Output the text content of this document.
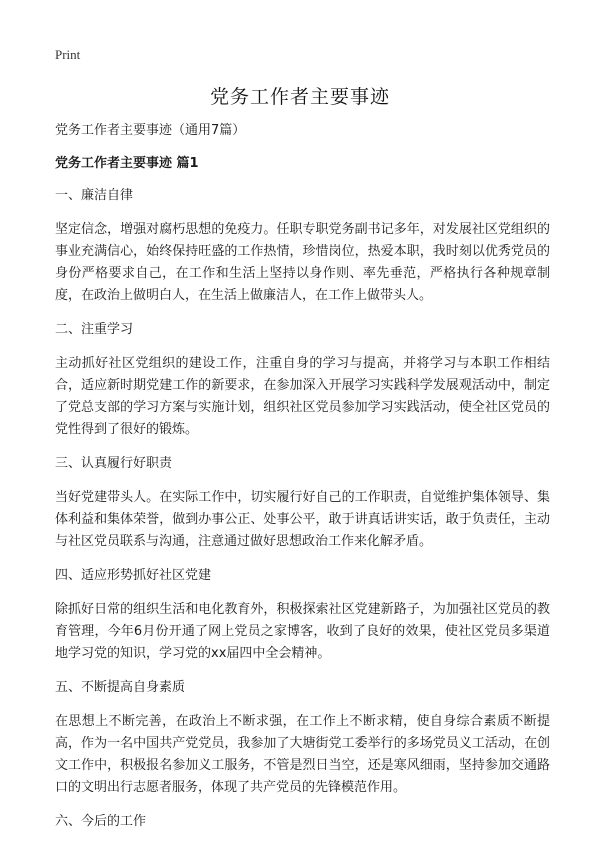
Print
党务工作者主要事迹

党务工作者主要事迹（通用7篇）

党务工作者主要事迹 篇1

一、廉洁自律

坚定信念，增强对腐朽思想的免疫力。任职专职党务副书记多年，对发展社区党组织的事业充满信心，始终保持旺盛的工作热情，珍惜岗位，热爱本职，我时刻以优秀党员的身份严格要求自己，在工作和生活上坚持以身作则、率先垂范，严格执行各种规章制度，在政治上做明白人，在生活上做廉洁人，在工作上做带头人。

二、注重学习

主动抓好社区党组织的建设工作，注重自身的学习与提高，并将学习与本职工作相结合，适应新时期党建工作的新要求，在参加深入开展学习实践科学发展观活动中，制定了党总支部的学习方案与实施计划，组织社区党员参加学习实践活动，使全社区党员的党性得到了很好的锻炼。

三、认真履行好职责

当好党建带头人。在实际工作中，切实履行好自己的工作职责，自觉维护集体领导、集体利益和集体荣誉，做到办事公正、处事公平，敢于讲真话讲实话，敢于负责任，主动与社区党员联系与沟通，注意通过做好思想政治工作来化解矛盾。

四、适应形势抓好社区党建

除抓好日常的组织生活和电化教育外，积极探索社区党建新路子，为加强社区党员的教育管理，今年6月份开通了网上党员之家博客，收到了良好的效果，使社区党员多渠道地学习党的知识，学习党的xx届四中全会精神。

五、不断提高自身素质

在思想上不断完善，在政治上不断求强，在工作上不断求精，使自身综合素质不断提高，作为一名中国共产党党员，我参加了大塘街党工委举行的多场党员义工活动，在创文工作中，积极报名参加义工服务，不管是烈日当空，还是寒风细雨，坚持参加交通路口的文明出行志愿者服务，体现了共产党员的先锋模范作用。

六、今后的工作
